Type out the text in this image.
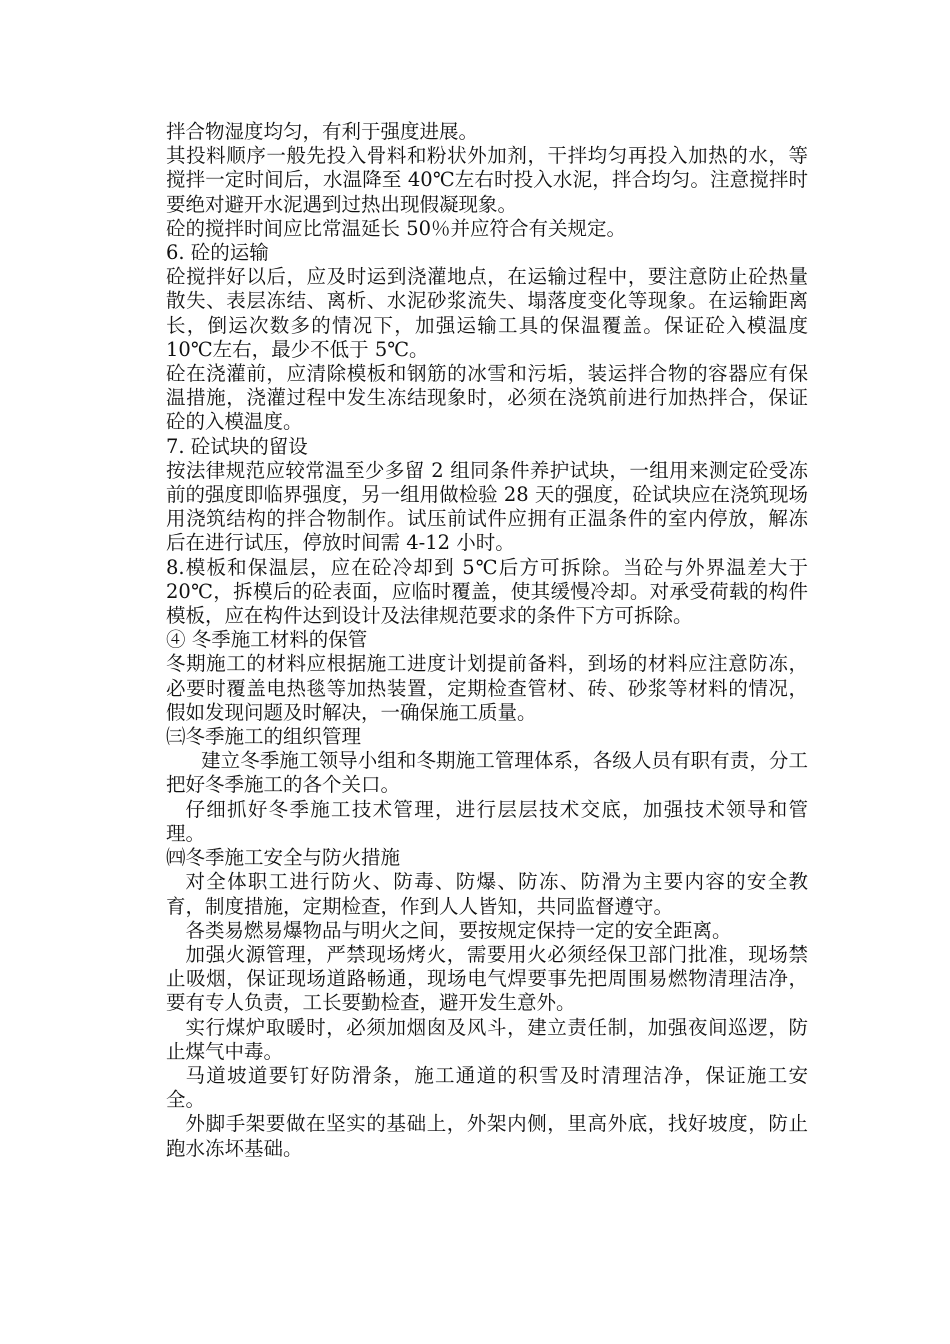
拌合物湿度均匀，有利于强度进展。

其投料顺序一般先投入骨料和粉状外加剂，干拌均匀再投入加热的水，等搅拌一定时间后，水温降至 40℃左右时投入水泥，拌合均匀。注意搅拌时要绝对避开水泥遇到过热出现假凝现象。

砼的搅拌时间应比常温延长 50％并应符合有关规定。

6. 砼的运输

砼搅拌好以后，应及时运到浇灌地点，在运输过程中，要注意防止砼热量散失、表层冻结、离析、水泥砂浆流失、塌落度变化等现象。在运输距离长，倒运次数多的情况下，加强运输工具的保温覆盖。保证砼入模温度 10℃左右，最少不低于 5℃。

砼在浇灌前，应清除模板和钢筋的冰雪和污垢，装运拌合物的容器应有保温措施，浇灌过程中发生冻结现象时，必须在浇筑前进行加热拌合，保证砼的入模温度。

7. 砼试块的留设

按法律规范应较常温至少多留 2 组同条件养护试块，一组用来测定砼受冻前的强度即临界强度，另一组用做检验 28 天的强度，砼试块应在浇筑现场用浇筑结构的拌合物制作。试压前试件应拥有正温条件的室内停放，解冻后在进行试压，停放时间需 4-12 小时。

8.模板和保温层，应在砼冷却到 5℃后方可拆除。当砼与外界温差大于 20℃，拆模后的砼表面，应临时覆盖，使其缓慢冷却。对承受荷载的构件模板，应在构件达到设计及法律规范要求的条件下方可拆除。

④ 冬季施工材料的保管

冬期施工的材料应根据施工进度计划提前备料，到场的材料应注意防冻，必要时覆盖电热毯等加热装置，定期检查管材、砖、砂浆等材料的情况，假如发现问题及时解决，一确保施工质量。

㈢冬季施工的组织管理

建立冬季施工领导小组和冬期施工管理体系，各级人员有职有责，分工把好冬季施工的各个关口。

仔细抓好冬季施工技术管理，进行层层技术交底，加强技术领导和管理。

㈣冬季施工安全与防火措施

对全体职工进行防火、防毒、防爆、防冻、防滑为主要内容的安全教育，制度措施，定期检查，作到人人皆知，共同监督遵守。

各类易燃易爆物品与明火之间，要按规定保持一定的安全距离。

加强火源管理，严禁现场烤火，需要用火必须经保卫部门批准，现场禁止吸烟，保证现场道路畅通，现场电气焊要事先把周围易燃物清理洁净，要有专人负责，工长要勤检查，避开发生意外。

实行煤炉取暖时，必须加烟囱及风斗，建立责任制，加强夜间巡逻，防止煤气中毒。

马道坡道要钉好防滑条，施工通道的积雪及时清理洁净，保证施工安全。

外脚手架要做在坚实的基础上，外架内侧，里高外底，找好坡度，防止跑水冻坏基础。
